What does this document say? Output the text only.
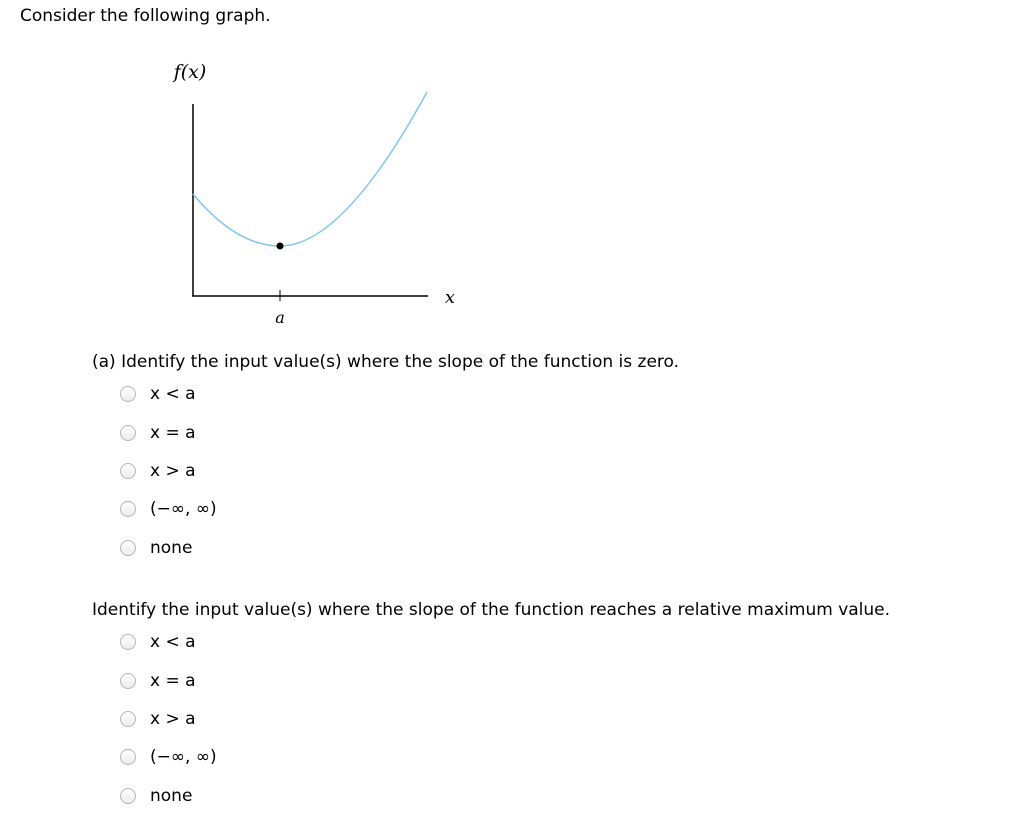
Consider the following graph.
f(x)
x
a
(a) Identify the input value(s) where the slope of the function is zero.
x < a
x = a
x > a
(−∞, ∞)
none
Identify the input value(s) where the slope of the function reaches a relative maximum value.
x < a
x = a
x > a
(−∞, ∞)
none
